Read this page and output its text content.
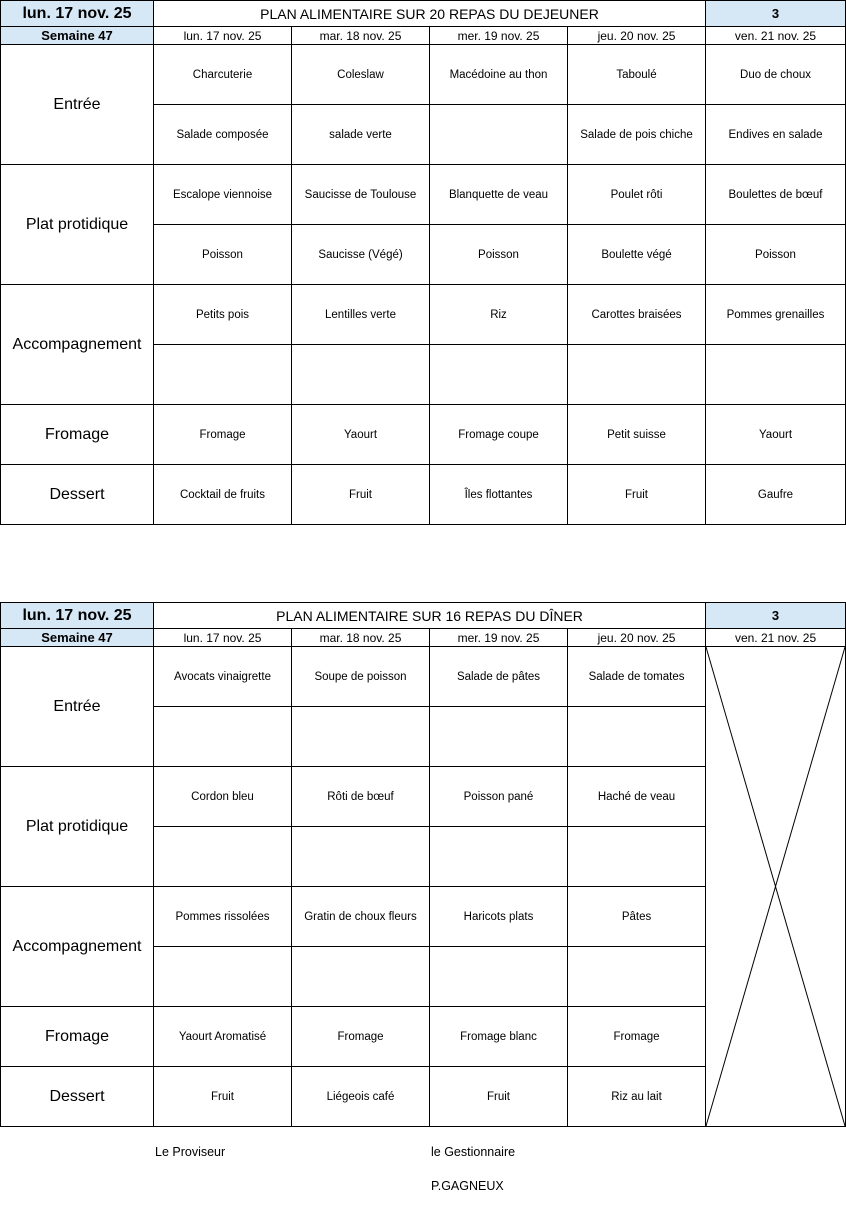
lun. 17 nov. 25	PLAN ALIMENTAIRE SUR 20 REPAS DU DEJEUNER				3
Semaine 47	lun. 17 nov. 25	mar. 18 nov. 25	mer. 19 nov. 25	jeu. 20 nov. 25	ven. 21 nov. 25
Entrée	Charcuterie	Coleslaw	Macédoine au thon	Taboulé	Duo de choux
	Salade composée	salade verte		Salade de pois chiche	Endives en salade
Plat protidique	Escalope viennoise	Saucisse de Toulouse	Blanquette de veau	Poulet rôti	Boulettes de bœuf
	Poisson	Saucisse (Végé)	Poisson	Boulette végé	Poisson
Accompagnement	Petits pois	Lentilles verte	Riz	Carottes braisées	Pommes grenailles

Fromage	Fromage	Yaourt	Fromage coupe	Petit suisse	Yaourt
Dessert	Cocktail de fruits	Fruit	Îles flottantes	Fruit	Gaufre
lun. 17 nov. 25	PLAN ALIMENTAIRE SUR 16 REPAS DU DÎNER				3
Semaine 47	lun. 17 nov. 25	mar. 18 nov. 25	mer. 19 nov. 25	jeu. 20 nov. 25	ven. 21 nov. 25
Entrée	Avocats vinaigrette	Soupe de poisson	Salade de pâtes	Salade de tomates	

Plat protidique	Cordon bleu	Rôti de bœuf	Poisson pané	Haché de veau	

Accompagnement	Pommes rissolées	Gratin de choux fleurs	Haricots plats	Pâtes	

Fromage	Yaourt Aromatisé	Fromage	Fromage blanc	Fromage	
Dessert	Fruit	Liégeois café	Fruit	Riz au lait	
Le Proviseur	le Gestionnaire
P.GAGNEUX
